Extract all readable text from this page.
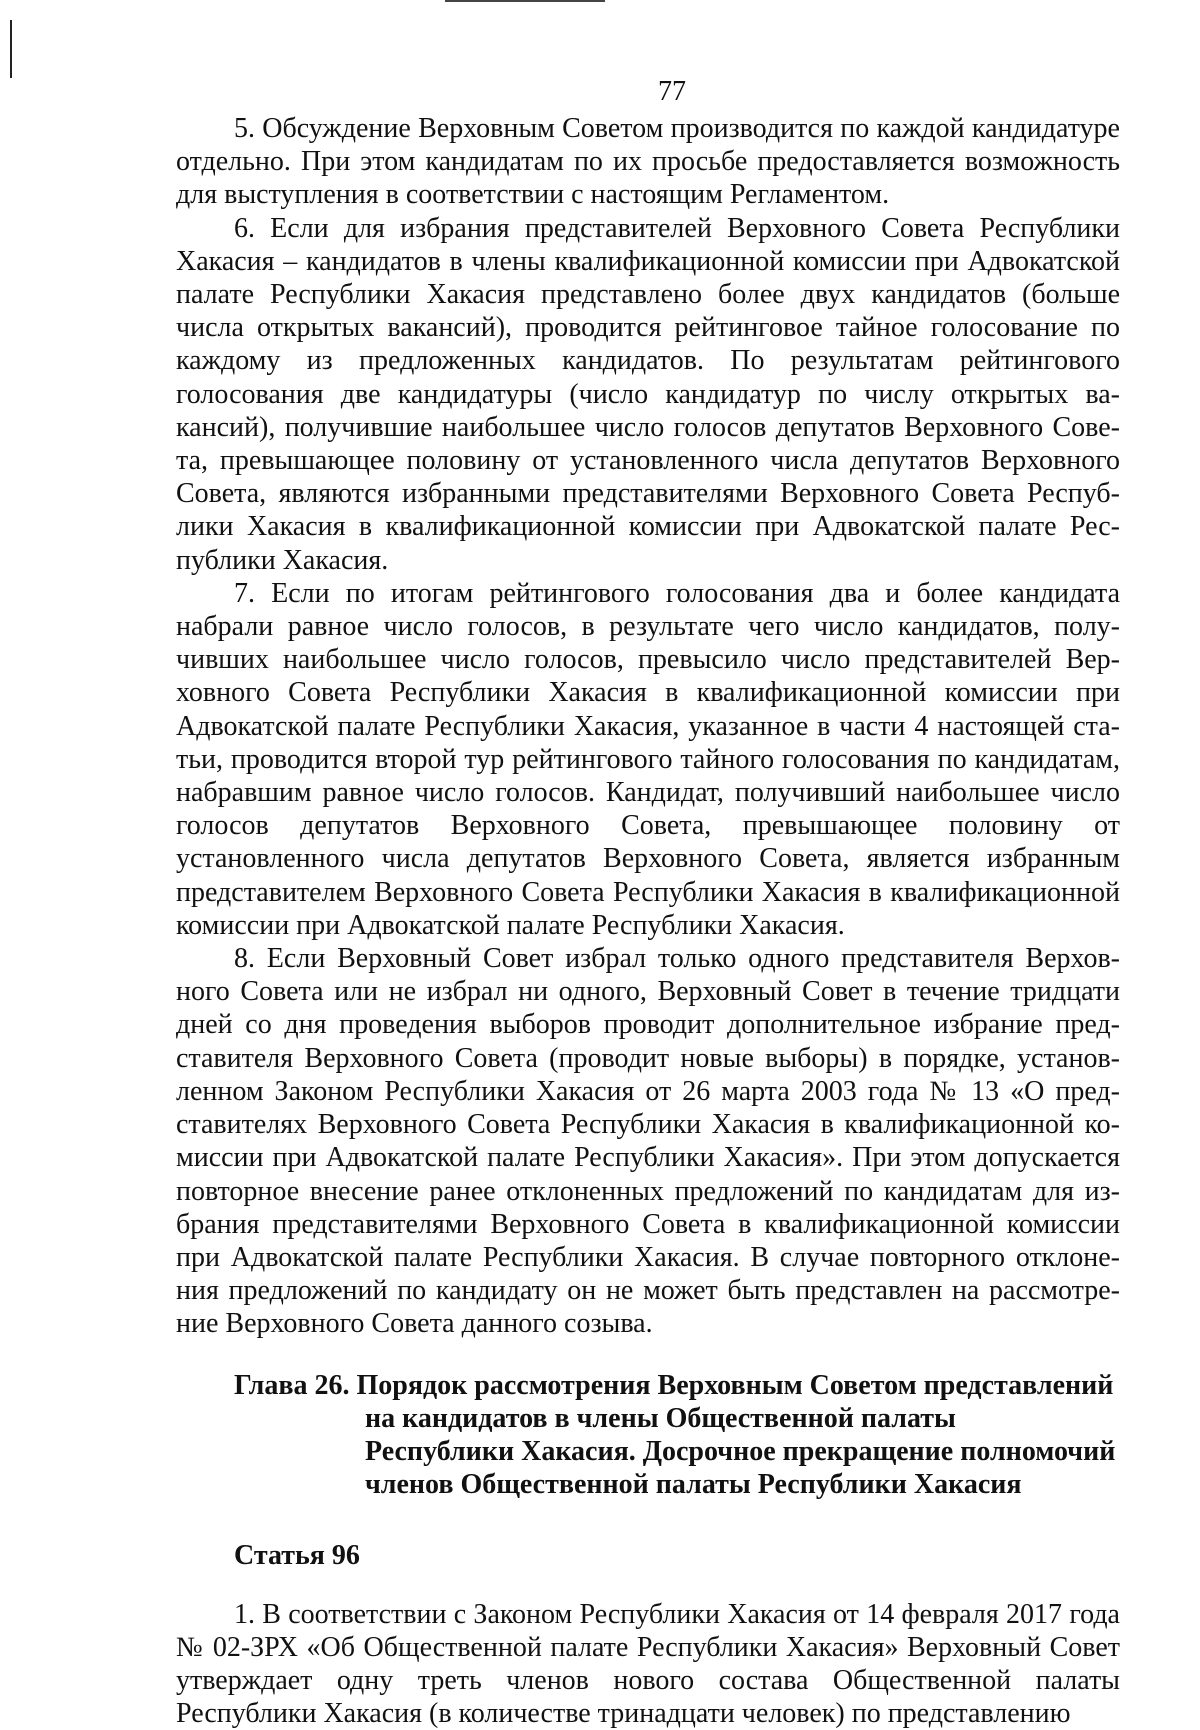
77

5. Обсуждение Верховным Советом производится по каждой кандидатуре отдельно. При этом кандидатам по их просьбе предоставляется возможность для выступления в соответствии с настоящим Регламентом.

6. Если для избрания представителей Верховного Совета Республики Хакасия – кандидатов в члены квалификационной комиссии при Адвокатской палате Республики Хакасия представлено более двух кандидатов (больше числа открытых вакансий), проводится рейтинговое тайное голосование по каждому из предложенных кандидатов. По результатам рейтингового голосования две кандидатуры (число кандидатур по числу открытых вакансий), получившие наибольшее число голосов депутатов Верховного Совета, превышающее половину от установленного числа депутатов Верховного Совета, являются избранными представителями Верховного Совета Республики Хакасия в квалификационной комиссии при Адвокатской палате Республики Хакасия.

7. Если по итогам рейтингового голосования два и более кандидата набрали равное число голосов, в результате чего число кандидатов, получивших наибольшее число голосов, превысило число представителей Верховного Совета Республики Хакасия в квалификационной комиссии при Адвокатской палате Республики Хакасия, указанное в части 4 настоящей статьи, проводится второй тур рейтингового тайного голосования по кандидатам, набравшим равное число голосов. Кандидат, получивший наибольшее число голосов депутатов Верховного Совета, превышающее половину от установленного числа депутатов Верховного Совета, является избранным представителем Верховного Совета Республики Хакасия в квалификационной комиссии при Адвокатской палате Республики Хакасия.

8. Если Верховный Совет избрал только одного представителя Верховного Совета или не избрал ни одного, Верховный Совет в течение тридцати дней со дня проведения выборов проводит дополнительное избрание представителя Верховного Совета (проводит новые выборы) в порядке, установленном Законом Республики Хакасия от 26 марта 2003 года № 13 «О представителях Верховного Совета Республики Хакасия в квалификационной комиссии при Адвокатской палате Республики Хакасия». При этом допускается повторное внесение ранее отклоненных предложений по кандидатам для избрания представителями Верховного Совета в квалификационной комиссии при Адвокатской палате Республики Хакасия. В случае повторного отклонения предложений по кандидату он не может быть представлен на рассмотрение Верховного Совета данного созыва.

Глава 26. Порядок рассмотрения Верховным Советом представлений
на кандидатов в члены Общественной палаты
Республики Хакасия. Досрочное прекращение полномочий
членов Общественной палаты Республики Хакасия
Статья 96

1. В соответствии с Законом Республики Хакасия от 14 февраля 2017 года № 02-ЗРХ «Об Общественной палате Республики Хакасия» Верховный Совет утверждает одну треть членов нового состава Общественной палаты Республики Хакасия (в количестве тринадцати человек) по представлению
